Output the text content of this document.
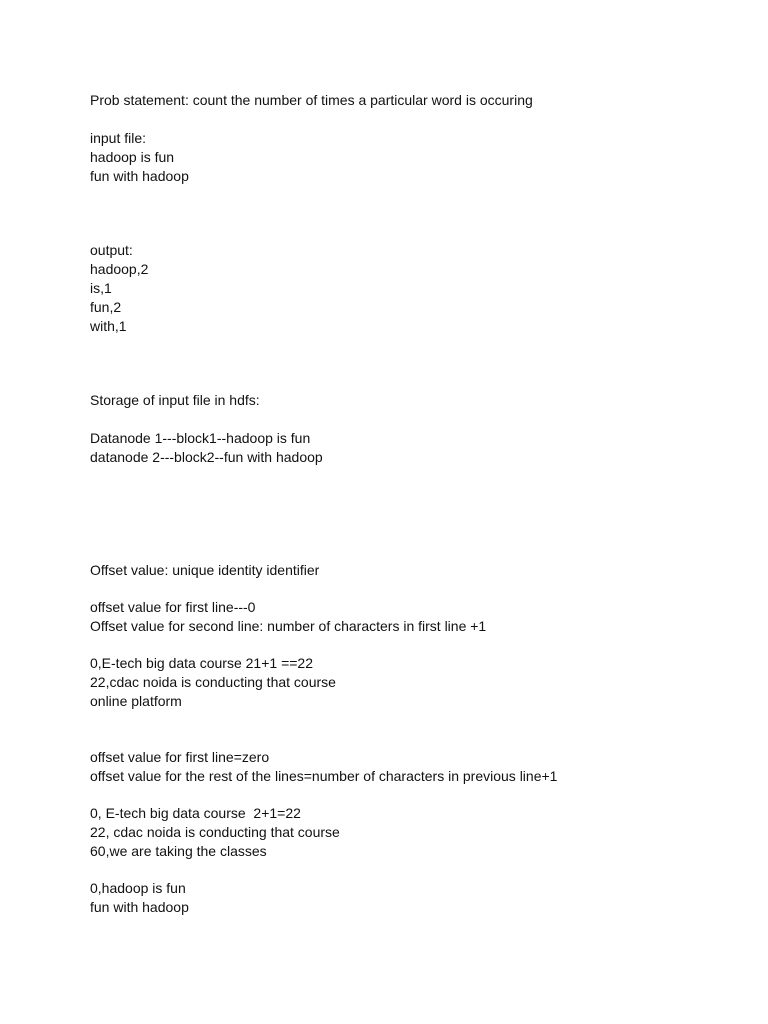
Prob statement: count the number of times a particular word is occuring

input file:

hadoop is fun

fun with hadoop

output:

hadoop,2

is,1

fun,2

with,1

Storage of input file in hdfs:

Datanode 1---block1--hadoop is fun

datanode 2---block2--fun with hadoop

Offset value: unique identity identifier

offset value for first line---0

Offset value for second line: number of characters in first line +1

0,E-tech big data course 21+1 ==22

22,cdac noida is conducting that course

online platform

offset value for first line=zero

offset value for the rest of the lines=number of characters in previous line+1

0, E-tech big data course  2+1=22

22, cdac noida is conducting that course

60,we are taking the classes

0,hadoop is fun

fun with hadoop
